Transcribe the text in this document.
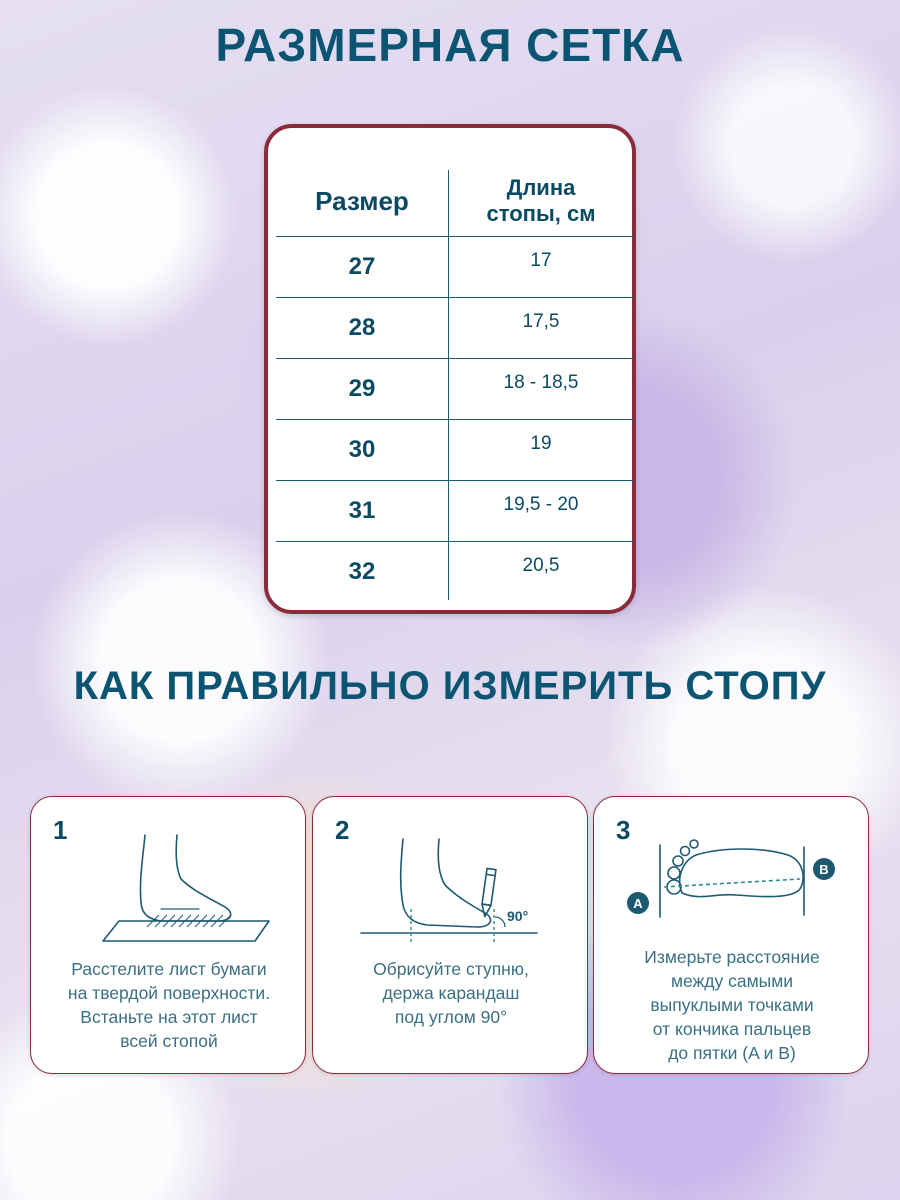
РАЗМЕРНАЯ СЕТКА
Размер	Длина
стопы, см
27	17
28	17,5
29	18 - 18,5
30	19
31	19,5 - 20
32	20,5
КАК ПРАВИЛЬНО ИЗМЕРИТЬ СТОПУ
1
Расстелите лист бумаги
на твердой поверхности.
Встаньте на этот лист
всей стопой
2
90°
Обрисуйте ступню,
держа карандаш
под углом 90°
3
A
B
Измерьте расстояние
между самыми
выпуклыми точками
от кончика пальцев
до пятки (A и B)
